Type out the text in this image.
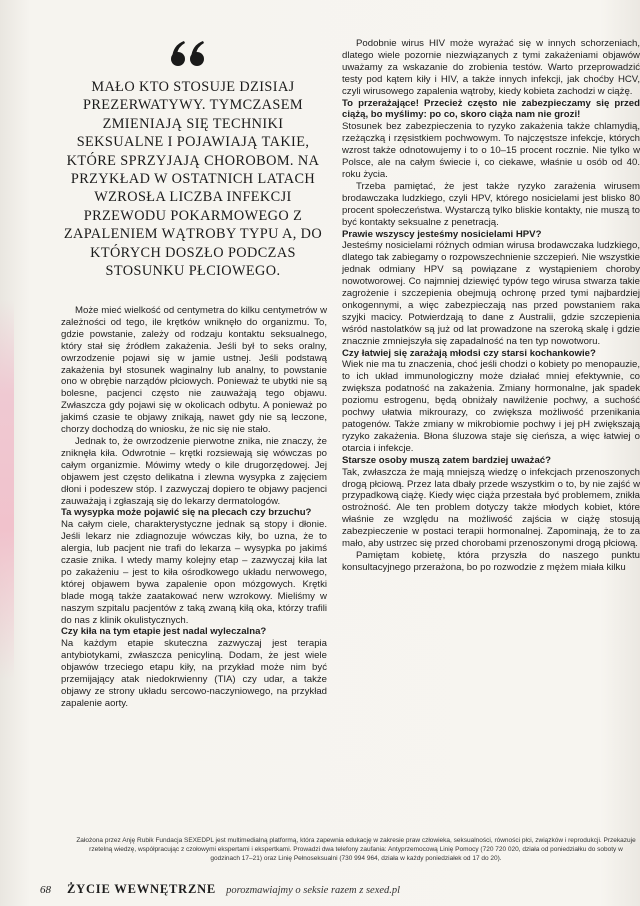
MAŁO KTO STOSUJE DZISIAJ PREZERWATYWY. TYMCZASEM ZMIENIAJĄ SIĘ TECHNIKI SEKSUALNE I POJAWIAJĄ TAKIE, KTÓRE SPRZYJAJĄ CHOROBOM. NA PRZYKŁAD W OSTATNICH LATACH WZROSŁA LICZBA INFEKCJI PRZEWODU POKARMOWEGO Z ZAPALENIEM WĄTROBY TYPU A, DO KTÓRYCH DOSZŁO PODCZAS STOSUNKU PŁCIOWEGO.

Może mieć wielkość od centymetra do kilku centymetrów w zależności od tego, ile krętków wniknęło do organizmu. To, gdzie powstanie, zależy od rodzaju kontaktu seksualnego, który stał się źródłem zakażenia. Jeśli był to seks oralny, owrzodzenie pojawi się w jamie ustnej. Jeśli podstawą zakażenia był stosunek waginalny lub analny, to powstanie ono w obrębie narządów płciowych. Ponieważ te ubytki nie są bolesne, pacjenci często nie zauważają tego objawu. Zwłaszcza gdy pojawi się w okolicach odbytu. A ponieważ po jakimś czasie te objawy znikają, nawet gdy nie są leczone, chorzy dochodzą do wniosku, że nic się nie stało.

Jednak to, że owrzodzenie pierwotne znika, nie znaczy, że zniknęła kiła. Odwrotnie – krętki rozsiewają się wówczas po całym organizmie. Mówimy wtedy o kile drugorzędowej. Jej objawem jest często delikatna i zlewna wysypka z zajęciem dłoni i podeszew stóp. I zazwyczaj dopiero te objawy pacjenci zauważają i zgłaszają się do lekarzy dermatologów.

Ta wysypka może pojawić się na plecach czy brzuchu?

Na całym ciele, charakterystyczne jednak są stopy i dłonie. Jeśli lekarz nie zdiagnozuje wówczas kiły, bo uzna, że to alergia, lub pacjent nie trafi do lekarza – wysypka po jakimś czasie znika. I wtedy mamy kolejny etap – zazwyczaj kiła lat po zakażeniu – jest to kiła ośrodkowego układu nerwowego, której objawem bywa zapalenie opon mózgowych. Krętki blade mogą także zaatakować nerw wzrokowy. Mieliśmy w naszym szpitalu pacjentów z taką zwaną kiłą oka, którzy trafili do nas z klinik okulistycznych.

Czy kiła na tym etapie jest nadal wyleczalna?

Na każdym etapie skuteczna zazwyczaj jest terapia antybiotykami, zwłaszcza penicyliną. Dodam, że jest wiele objawów trzeciego etapu kiły, na przykład może nim być przemijający atak niedokrwienny (TIA) czy udar, a także objawy ze strony układu sercowo-naczyniowego, na przykład zapalenie aorty.

Podobnie wirus HIV może wyrażać się w innych schorzeniach, dlatego wiele pozornie niezwiązanych z tymi zakażeniami objawów uważamy za wskazanie do zrobienia testów. Warto przeprowadzić testy pod kątem kiły i HIV, a także innych infekcji, jak choćby HCV, czyli wirusowego zapalenia wątroby, kiedy kobieta zachodzi w ciążę.

To przerażające! Przecież często nie zabezpieczamy się przed ciążą, bo myślimy: po co, skoro ciąża nam nie grozi!

Stosunek bez zabezpieczenia to ryzyko zakażenia także chlamydią, rzeżączką i rzęsistkiem pochwowym. To najczęstsze infekcje, których wzrost także odnotowujemy i to o 10–15 procent rocznie. Nie tylko w Polsce, ale na całym świecie i, co ciekawe, właśnie u osób od 40. roku życia.

Trzeba pamiętać, że jest także ryzyko zarażenia wirusem brodawczaka ludzkiego, czyli HPV, którego nosicielami jest blisko 80 procent społeczeństwa. Wystarczą tylko bliskie kontakty, nie muszą to być kontakty seksualne z penetracją.

Prawie wszyscy jesteśmy nosicielami HPV?

Jesteśmy nosicielami różnych odmian wirusa brodawczaka ludzkiego, dlatego tak zabiegamy o rozpowszechnienie szczepień. Nie wszystkie jednak odmiany HPV są powiązane z wystąpieniem choroby nowotworowej. Co najmniej dziewięć typów tego wirusa stwarza takie zagrożenie i szczepienia obejmują ochronę przed tymi najbardziej onkogennymi, a więc zabezpieczają nas przed powstaniem raka szyjki macicy. Potwierdzają to dane z Australii, gdzie szczepienia wśród nastolatków są już od lat prowadzone na szeroką skalę i gdzie znacznie zmniejszyła się zapadalność na ten typ nowotworu.

Czy łatwiej się zarażają młodsi czy starsi kochankowie?

Wiek nie ma tu znaczenia, choć jeśli chodzi o kobiety po menopauzie, to ich układ immunologiczny może działać mniej efektywnie, co zwiększa podatność na zakażenia. Zmiany hormonalne, jak spadek poziomu estrogenu, będą obniżały nawilżenie pochwy, a suchość pochwy ułatwia mikrourazy, co zwiększa możliwość przenikania patogenów. Także zmiany w mikrobiomie pochwy i jej pH zwiększają ryzyko zakażenia. Błona śluzowa staje się cieńsza, a więc łatwiej o otarcia i infekcje.

Starsze osoby muszą zatem bardziej uważać?

Tak, zwłaszcza że mają mniejszą wiedzę o infekcjach przenoszonych drogą płciową. Przez lata dbały przede wszystkim o to, by nie zajść w przypadkową ciążę. Kiedy więc ciąża przestała być problemem, znikła ostrożność. Ale ten problem dotyczy także młodych kobiet, które właśnie ze względu na możliwość zajścia w ciążę stosują zabezpieczenie w postaci terapii hormonalnej. Zapominają, że to za mało, aby ustrzec się przed chorobami przenoszonymi drogą płciową.

Pamiętam kobietę, która przyszła do naszego punktu konsultacyjnego przerażona, bo po rozwodzie z mężem miała kilku

Założona przez Anję Rubik Fundacja SEXEDPL jest multimedialną platformą, która zapewnia edukację w zakresie praw człowieka, seksualności, równości płci, związków i reprodukcji. Przekazuje rzetelną wiedzę, współpracując z czołowymi ekspertami i ekspertkami. Prowadzi dwa telefony zaufania: Antyprzemocową Linię Pomocy (720 720 020, działa od poniedziałku do soboty w godzinach 17–21) oraz Linię Pełnoseksualni (730 994 964, działa w każdy poniedziałek od 17 do 20).
68 ŻYCIE WEWNĘTRZNE porozmawiajmy o seksie razem z sexed.pl
